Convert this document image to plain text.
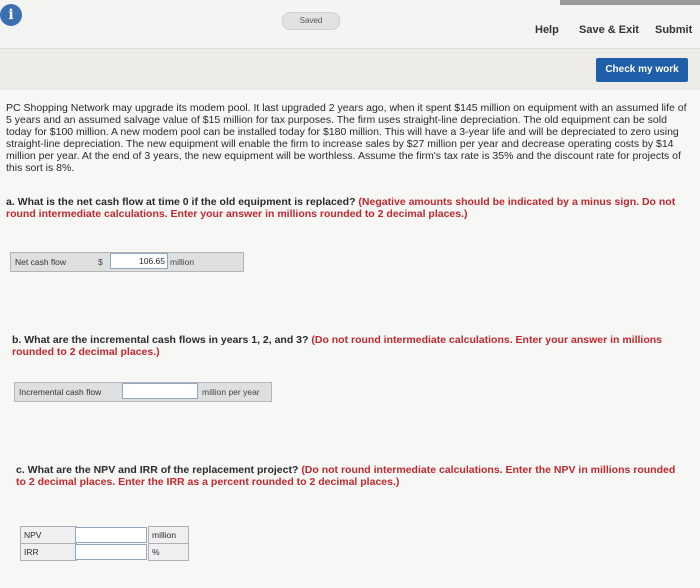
i	Saved
Help Save & Exit Submit
Check my work
PC Shopping Network may upgrade its modem pool. It last upgraded 2 years ago, when it spent $145 million on equipment with an assumed life of 5 years and an assumed salvage value of $15 million for tax purposes. The firm uses straight-line depreciation. The old equipment can be sold today for $100 million. A new modem pool can be installed today for $180 million. This will have a 3-year life and will be depreciated to zero using straight-line depreciation. The new equipment will enable the firm to increase sales by $27 million per year and decrease operating costs by $14 million per year. At the end of 3 years, the new equipment will be worthless. Assume the firm's tax rate is 35% and the discount rate for projects of this sort is 8%.
a. What is the net cash flow at time 0 if the old equipment is replaced? (Negative amounts should be indicated by a minus sign. Do not round intermediate calculations. Enter your answer in millions rounded to 2 decimal places.)
Net cash flow	$	106.65 million
b. What are the incremental cash flows in years 1, 2, and 3? (Do not round intermediate calculations. Enter your answer in millions rounded to 2 decimal places.)
Incremental cash flow	million per year
c. What are the NPV and IRR of the replacement project? (Do not round intermediate calculations. Enter the NPV in millions rounded to 2 decimal places. Enter the IRR as a percent rounded to 2 decimal places.)
NPV	million
IRR	%
